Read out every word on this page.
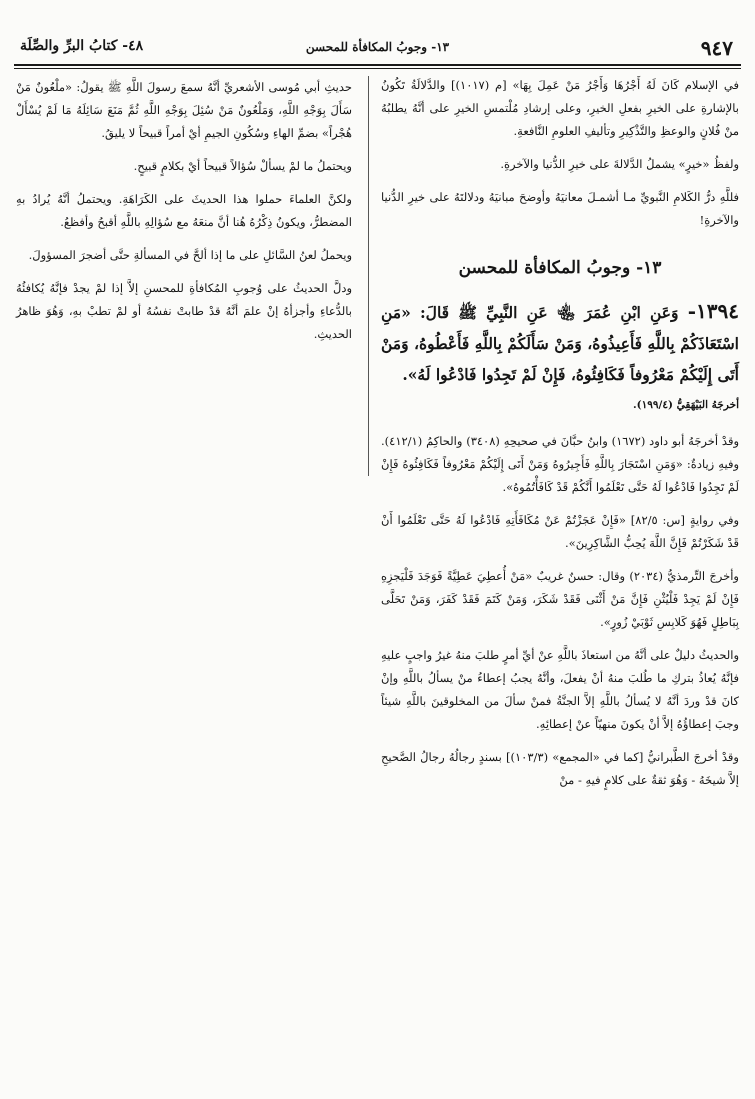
٩٤٧
١٣- وجوبُ المكافأة للمحسن
٤٨- كتابُ البرِّ والصِّلَة

في الإسلام كَانَ لَهُ أَجْرُهَا وَأَجْرُ مَنْ عَمِلَ بِهَا» [م (١٠١٧)] والدَّلالَةُ تَكُونُ بالإشارةِ على الخيرِ بفعلِ الخيرِ، وعلى إرشادِ مُلْتمسِ الخيرِ على أنَّهُ يطلبُهُ منْ فُلانٍ والوعظِ والتَّذْكِيرِ وتأليفِ العلومِ النَّافعةِ.

ولفظُ «خيرٍ» يشملُ الدَّلالةَ على خيرِ الدُّنيا والآخرةِ.

فللَّهِ درُّ الكَلامِ النَّبويِّ مـا أشمـلَ معانيَهُ وأوضحَ مبانيَهُ ودلالتَهُ على خيرِ الدُّنيا والآخرةِ!

١٣- وجوبُ المكافأة للمحسن

١٣٩٤- وَعَنِ ابْنِ عُمَرَ ﵄ عَنِ النَّبِيِّ ﷺ قَالَ: «مَنِ اسْتَعَاذَكُمْ بِاللَّهِ فَأَعِيذُوهُ، وَمَنْ سَأَلَكُمْ بِاللَّهِ فَأَعْطُوهُ، وَمَنْ أَتَى إِلَيْكُمْ مَعْرُوفاً فَكَافِئُوهُ، فَإِنْ لَمْ تَجِدُوا فَادْعُوا لَهُ».

أخرجَهُ البَيْهَقِيُّ (١٩٩/٤).

وقدْ أخرجَهُ أبو داود (١٦٧٢) وابنُ حبَّانَ في صحيحِهِ (٣٤٠٨) والحاكِمُ (٤١٢/١). وفيهِ زيادةٌ: «وَمَنِ اسْتَجَارَ بِاللَّهِ فَأَجِيرُوهُ وَمَنْ أَتَى إِلَيْكُمْ مَعْرُوفاً فَكَافِئُوهُ فَإِنْ لَمْ تَجِدُوا فَادْعُوا لَهُ حَتَّى تَعْلَمُوا أَنَّكُمْ قَدْ كَافَأْتُمُوهُ».

وفي روايةٍ [س: ٨٢/٥] «فَإِنْ عَجَزْتُمْ عَنْ مُكَافَأَتِهِ فَادْعُوا لَهُ حَتَّى تَعْلَمُوا أَنْ قَدْ شَكَرْتُمْ فَإِنَّ اللَّهَ يُحِبُّ الشَّاكِرِينَ».

وأخرجَ التِّرمذيُّ (٢٠٣٤) وقال: حسنٌ غريبٌ «مَنْ أُعطِيَ عَطِيَّةً فَوَجَدَ فَلْيَجزِهِ فَإِنْ لَمْ يَجِدْ فَلْيُثْنِ فَإِنَّ مَنْ أَثْنَى فَقَدْ شَكَرَ، وَمَنْ كَتَمَ فَقَدْ كَفَرَ، وَمَنْ تَحَلَّى بِبَاطِلٍ فَهُوَ كَلابِسِ ثَوْبَيْ زُورٍ».

والحديثُ دليلٌ على أنَّهُ من استعاذَ باللَّهِ عنْ أيِّ أمرٍ طلبَ منهُ غيرُ واجبٍ عليهِ فإنَّهُ يُعاذُ بتركِ ما طُلبَ منهُ أنْ يفعلَ، وأنَّهُ يجبُ إعطاءُ منْ يسألُ باللَّهِ وإنْ كانَ قدْ وردَ أنَّهُ لا يُسألُ باللَّهِ إلاَّ الجنَّةُ فمنْ سألَ من المخلوقينَ باللَّهِ شيئاً وجبَ إعطاؤُهُ إلاَّ أنْ يكونَ منهيّاً عنْ إعطائِهِ.

وقدْ أخرجَ الطَّبرانيُّ [كما في «المجمع» (١٠٣/٣)] بسندٍ رجالُهُ رجالُ الصَّحيحِ إلاَّ شيخَهُ - وَهُوَ ثقةٌ على كلامٍ فيهِ - منْ

حديثِ أبي مُوسى الأشعريِّ أنَّهُ سمعَ رسولَ اللَّهِ ﷺ يقولُ: «ملْعُونٌ مَنْ سَأَلَ بِوَجْهِ اللَّهِ، وَمَلْعُونٌ مَنْ سُئِلَ بِوَجْهِ اللَّهِ ثُمَّ مَنَعَ سَائِلَهُ مَا لَمْ يُسْأَلْ هُجْراً» بضمِّ الهاءِ وسُكُونِ الجيمِ أيْ أمراً قبيحاً لا يليقُ.

ويحتملُ ما لمْ يسألْ سُؤالاً قبيحاً أيْ بكلامٍ قبيحٍ.

ولكنَّ العلماءَ حملوا هذا الحديثَ على الكَرَاهَةِ. ويحتملُ أنَّهُ يُرادُ بهِ المضطرُّ، ويكونُ ذِكْرُهُ هُنا أنَّ منعَهُ مع سُؤالِهِ باللَّهِ أقبحُ وأفظعُ.

ويحملُ لعنُ السَّائلِ على ما إذا ألحَّ في المسألةِ حتَّى أضجرَ المسؤولَ.

ودلَّ الحديثُ على وُجوبِ المُكافأةِ للمحسنِ إلاَّ إذا لمْ يجدْ فإنَّهُ يُكافئُهُ بالدُّعاءِ وأجزأهُ إنْ علمَ أنَّهُ قدْ طابتْ نفسُهُ أو لمْ تطبْ بهِ، وَهُوَ ظاهرُ الحديثِ.
